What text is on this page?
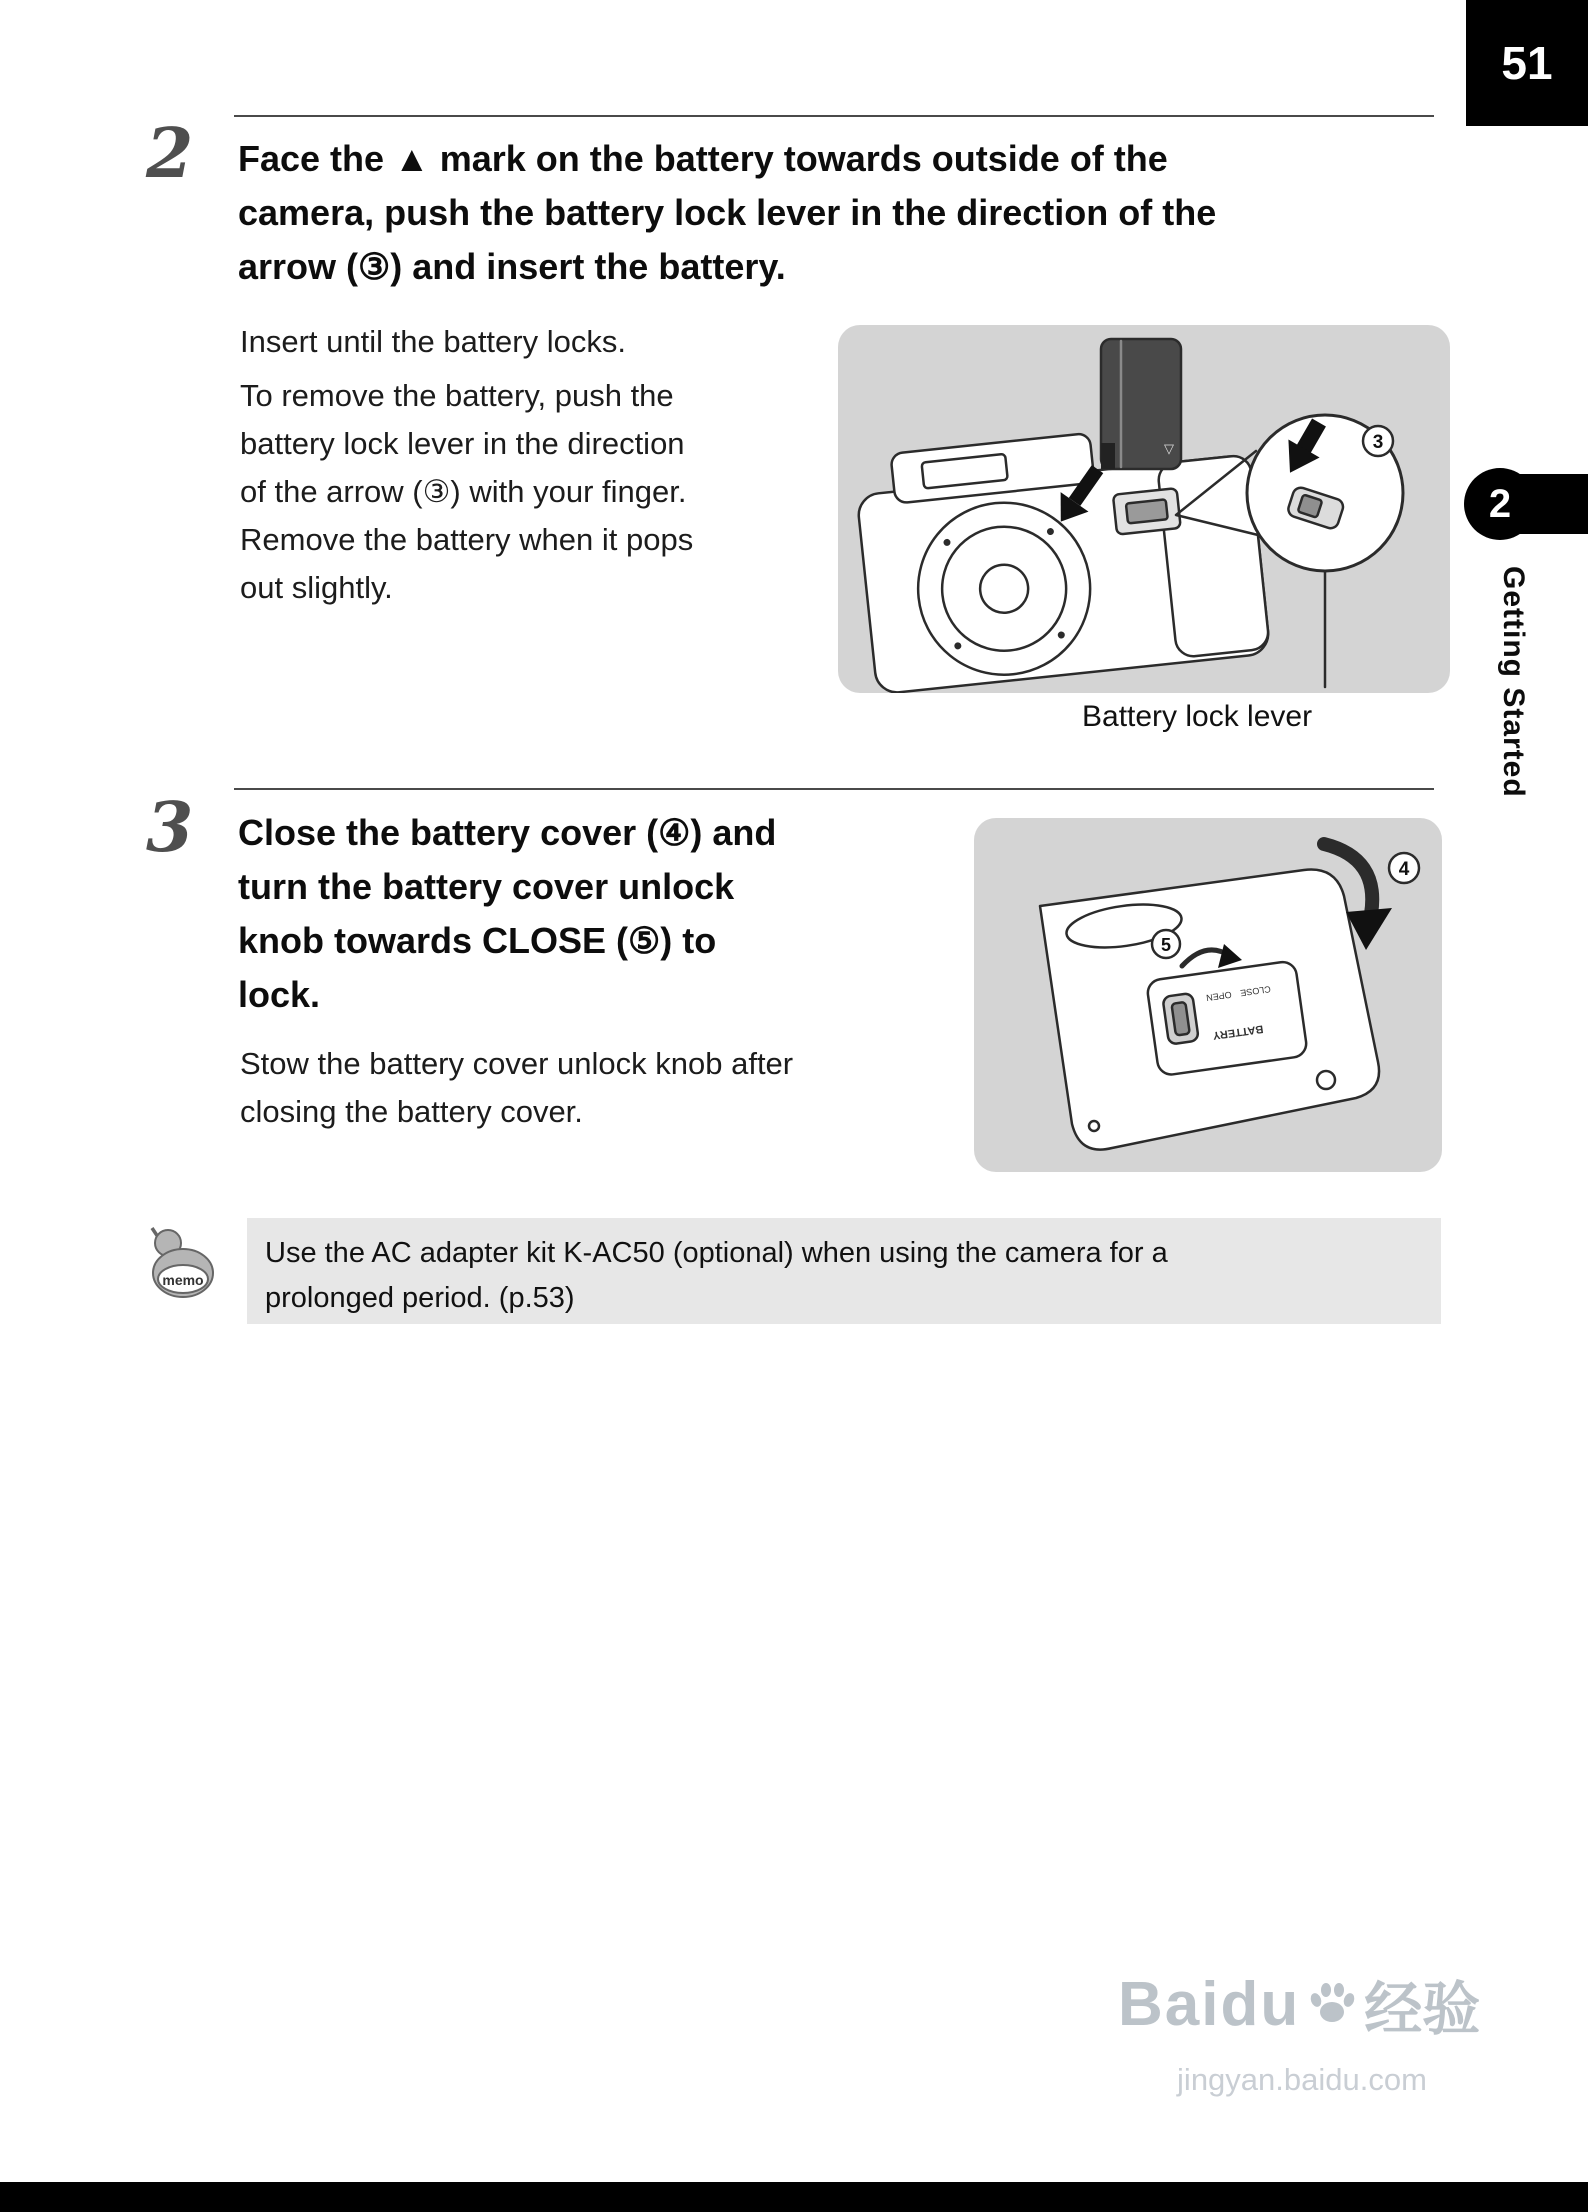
51
2 Face the ▲ mark on the battery towards outside of the
camera, push the battery lock lever in the direction of the
arrow (③) and insert the battery.
Insert until the battery locks.
To remove the battery, push the
battery lock lever in the direction
of the arrow (③) with your finger.
Remove the battery when it pops
out slightly.
▽	3
Battery lock lever
3 Close the battery cover (④) and
turn the battery cover unlock
knob towards CLOSE (⑤) to
lock.
Stow the battery cover unlock knob after
closing the battery cover.
CLOSE
OPEN
BATTERY
5
4
memo
Use the AC adapter kit K-AC50 (optional) when using the camera for a
prolonged period. (p.53)
2
Getting Started
Baidu 经验
jingyan.baidu.com
